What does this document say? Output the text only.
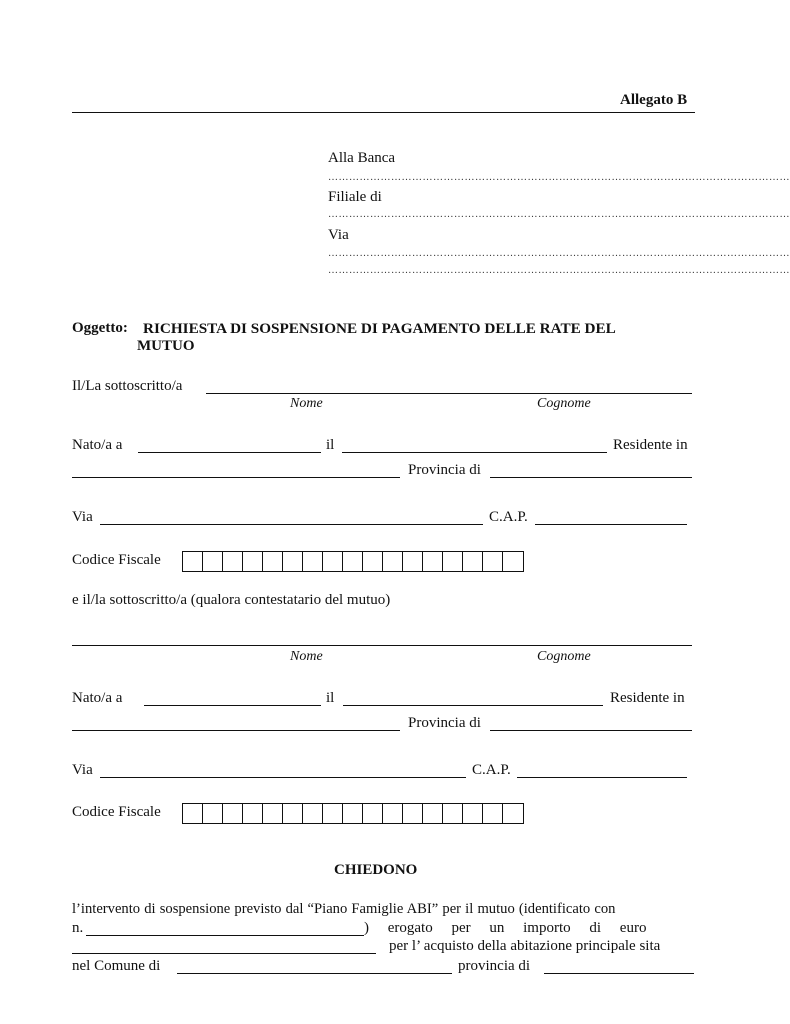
Allegato B
Alla Banca
……………………………………………………………………………………………………………………
Filiale di
……………………………………………………………………………………………………………………
Via
……………………………………………………………………………………………………………………
……………………………………………………………………………………………………………………
Oggetto: RICHIESTA DI SOSPENSIONE DI PAGAMENTO DELLE RATE DEL
MUTUO
Il/La sottoscritto/a
Nome	Cognome
Nato/a a	il	Residente in
Provincia di
Via	C.A.P.
Codice Fiscale
e il/la sottoscritto/a (qualora contestatario del mutuo)
Nome	Cognome
Nato/a a	il	Residente in
Provincia di
Via	C.A.P.
Codice Fiscale
CHIEDONO
l’intervento di sospensione previsto dal “Piano Famiglie ABI” per il mutuo (identificato con
n.	)     erogato     per     un     importo     di     euro
per l’ acquisto della abitazione principale sita
nel Comune di	provincia di
